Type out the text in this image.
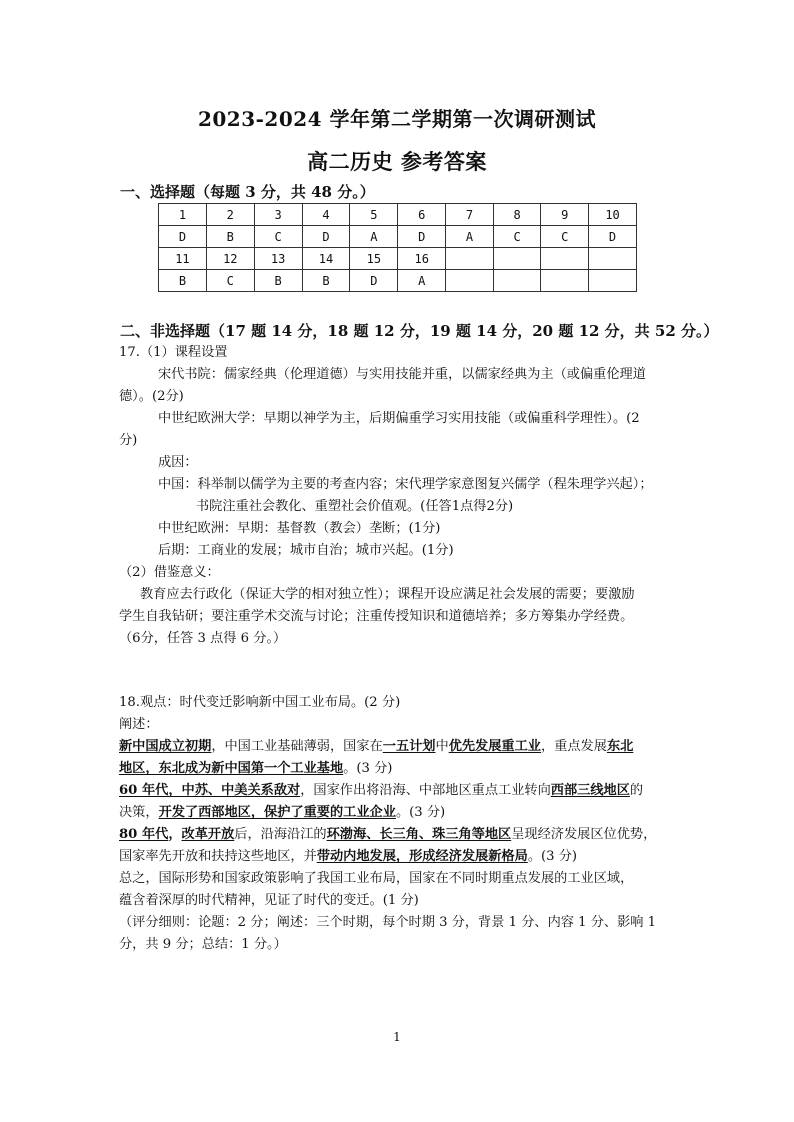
2023-2024 学年第二学期第一次调研测试
高二历史 参考答案
一、选择题（每题 3 分，共 48 分。）
1	2	3	4	5	6	7	8	9	10
D	B	C	D	A	D	A	C	C	D
11	12	13	14	15	16				
B	C	B	B	D	A				
二、非选择题（17 题 14 分，18 题 12 分，19 题 14 分，20 题 12 分，共 52 分。）
17.（1）课程设置
宋代书院：儒家经典（伦理道德）与实用技能并重，以儒家经典为主（或偏重伦理道
德）。(2分)
中世纪欧洲大学：早期以神学为主，后期偏重学习实用技能（或偏重科学理性）。(2
分)
成因：
中国：科举制以儒学为主要的考查内容；宋代理学家意图复兴儒学（程朱理学兴起）；
书院注重社会教化、重塑社会价值观。(任答1点得2分)
中世纪欧洲：早期：基督教（教会）垄断；(1分)
后期：工商业的发展；城市自治；城市兴起。(1分)
（2）借鉴意义：
教育应去行政化（保证大学的相对独立性）；课程开设应满足社会发展的需要；要激励
学生自我钻研；要注重学术交流与讨论；注重传授知识和道德培养；多方筹集办学经费。
（6分，任答 3 点得 6 分。）
18.观点：时代变迁影响新中国工业布局。(2 分)
阐述：
新中国成立初期，中国工业基础薄弱，国家在一五计划中优先发展重工业，重点发展东北
地区，东北成为新中国第一个工业基地。(3 分)
60 年代，中苏、中美关系敌对，国家作出将沿海、中部地区重点工业转向西部三线地区的
决策，开发了西部地区，保护了重要的工业企业。(3 分)
80 年代，改革开放后，沿海沿江的环渤海、长三角、珠三角等地区呈现经济发展区位优势，
国家率先开放和扶持这些地区，并带动内地发展，形成经济发展新格局。(3 分)
总之，国际形势和国家政策影响了我国工业布局，国家在不同时期重点发展的工业区域，
蕴含着深厚的时代精神，见证了时代的变迁。(1 分)
（评分细则：论题：2 分；阐述：三个时期，每个时期 3 分，背景 1 分、内容 1 分、影响 1
分，共 9 分；总结：1 分。）
1
